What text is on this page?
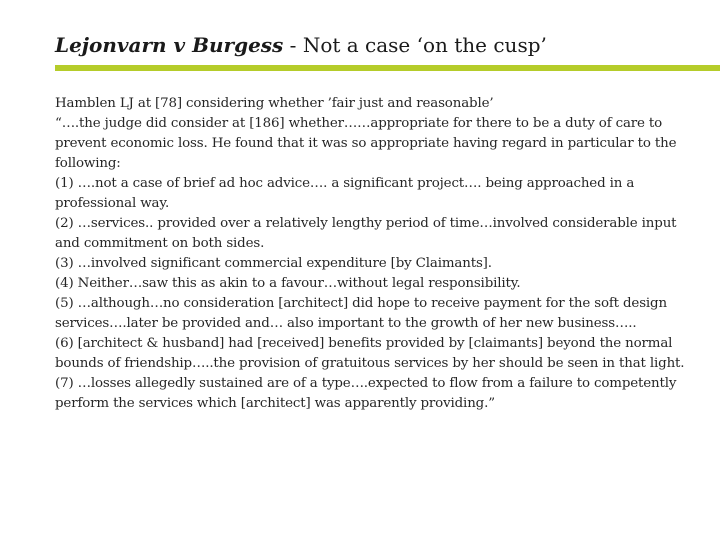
Lejonvarn v Burgess - Not a case ‘on the cusp’

Hamblen LJ at [78] considering whether ’fair just and reasonable’

“….the judge did consider at [186] whether……appropriate for there to be a duty of care to prevent economic loss. He found that it was so appropriate having regard in particular to the following:

(1) ….not a case of brief ad hoc advice…. a significant project…. being approached in a professional way.

(2) …services.. provided over a relatively lengthy period of time…involved considerable input and commitment on both sides.

(3) …involved significant commercial expenditure [by Claimants].

(4) Neither…saw this as akin to a favour…without legal responsibility.

(5) …although…no consideration [architect] did hope to receive payment for the soft design services….later be provided and… also important to the growth of her new business…..

(6) [architect & husband] had [received] benefits provided by [claimants] beyond the normal bounds of friendship…..the provision of gratuitous services by her should be seen in that light.

(7) …losses allegedly sustained are of a type….expected to flow from a failure to competently perform the services which [architect] was apparently providing.”
